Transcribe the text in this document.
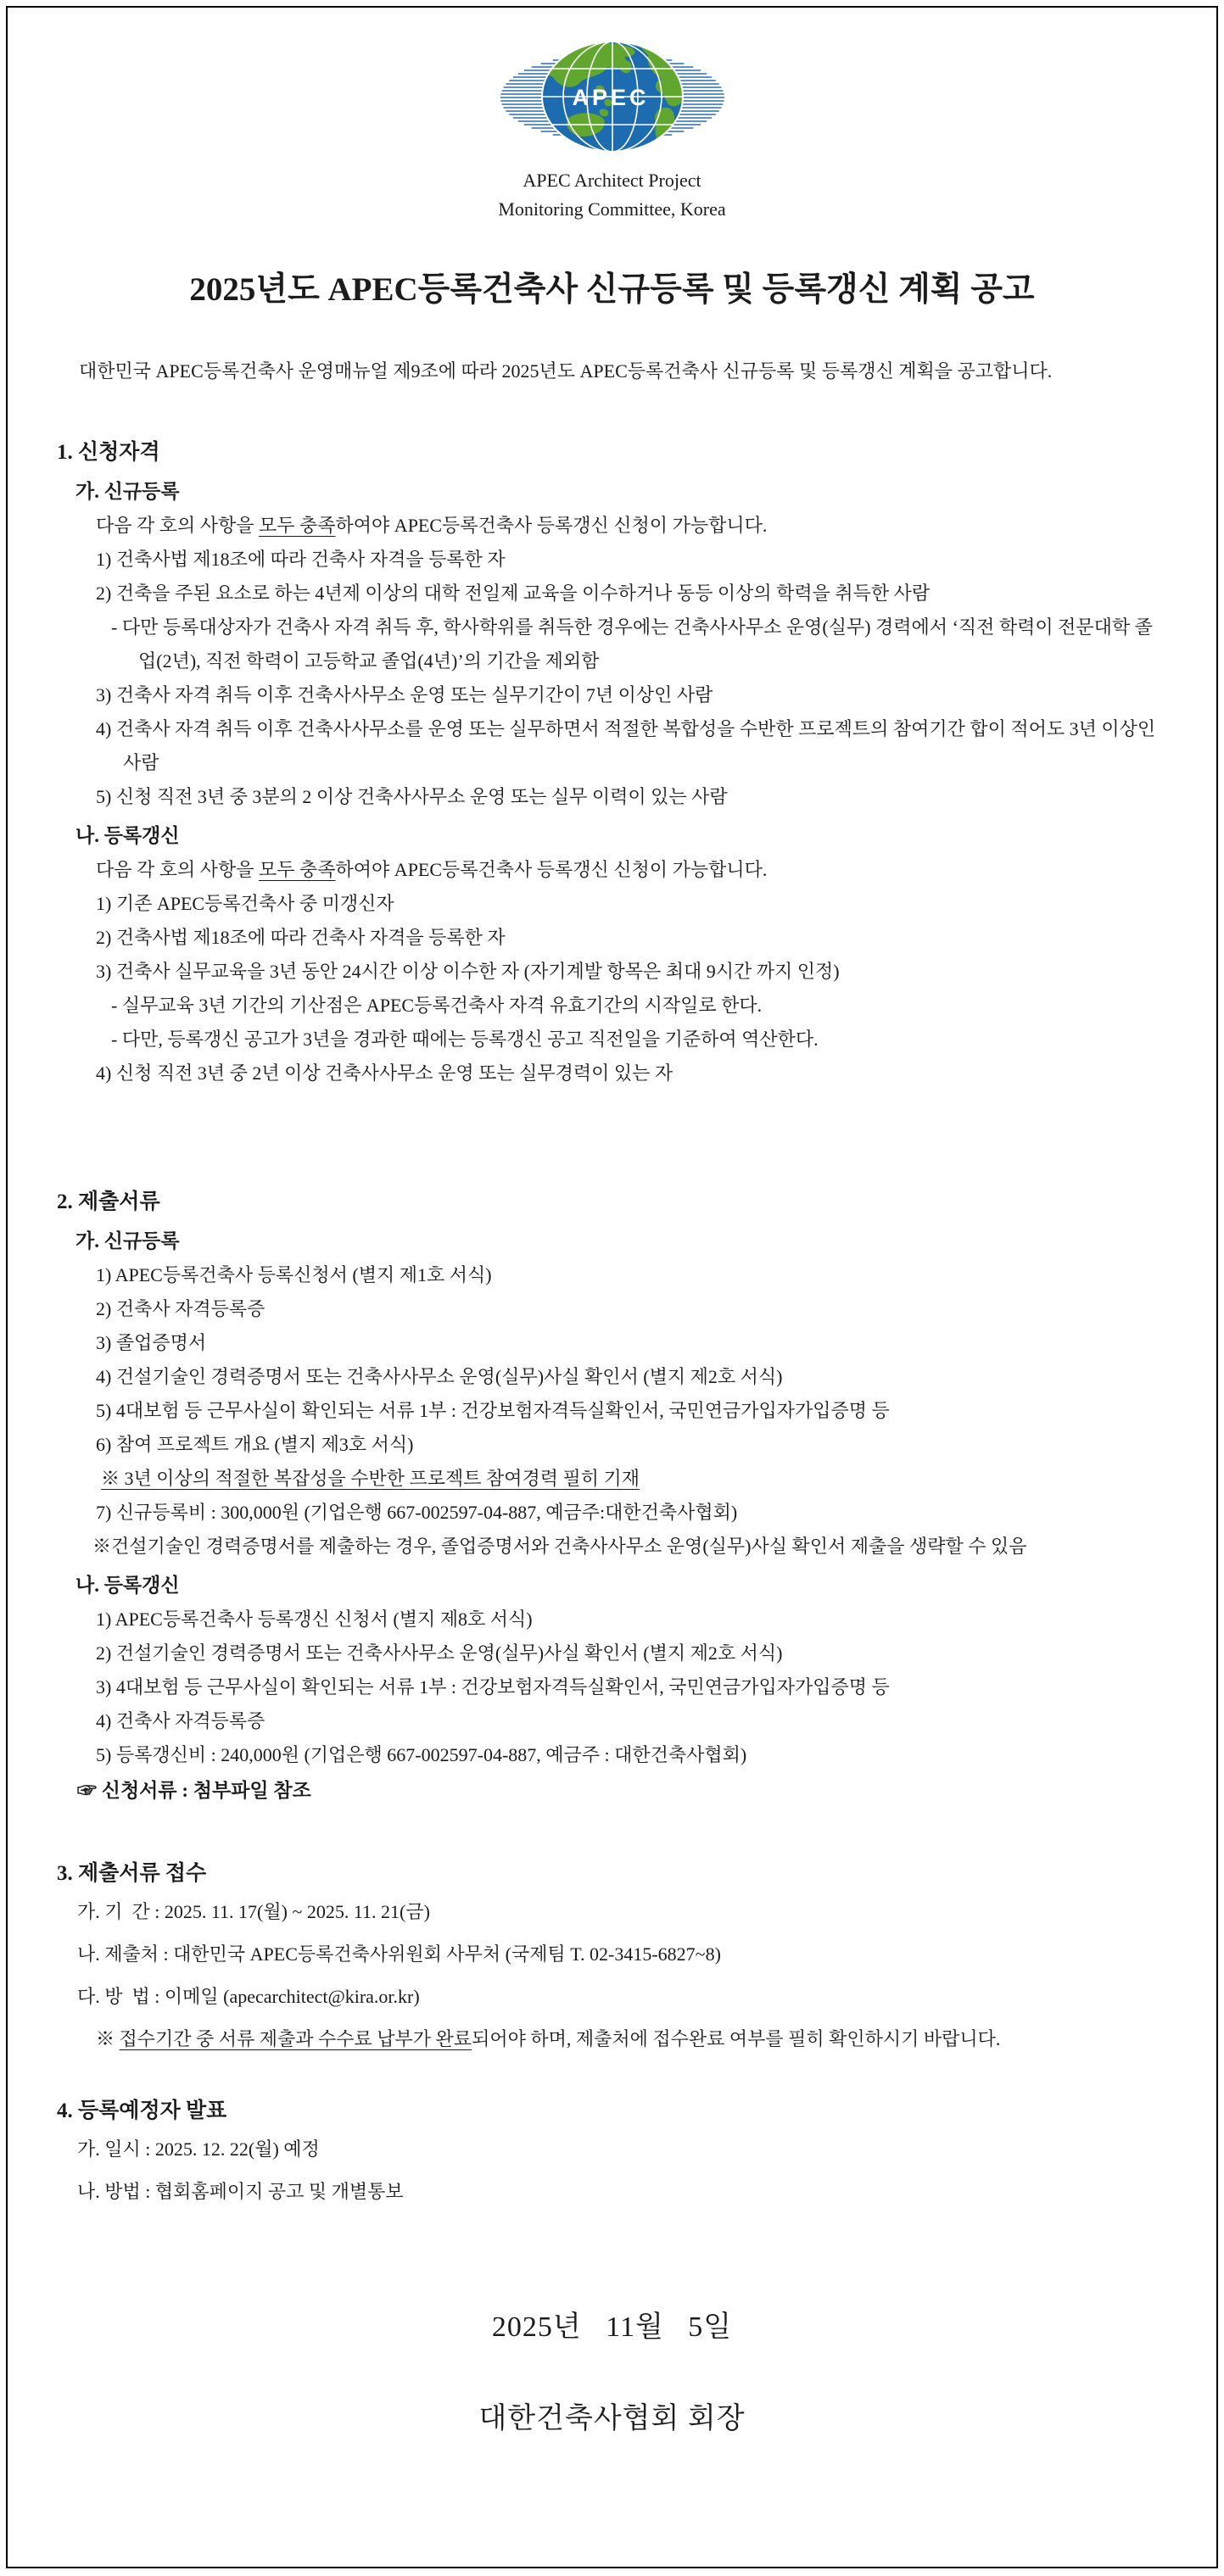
APEC

APEC Architect Project

Monitoring Committee, Korea

2025년도 APEC등록건축사 신규등록 및 등록갱신 계획 공고

대한민국 APEC등록건축사 운영매뉴얼 제9조에 따라 2025년도 APEC등록건축사 신규등록 및 등록갱신 계획을 공고합니다.

1. 신청자격
가. 신규등록

다음 각 호의 사항을 모두 충족하여야 APEC등록건축사 등록갱신 신청이 가능합니다.

1) 건축사법 제18조에 따라 건축사 자격을 등록한 자

2) 건축을 주된 요소로 하는 4년제 이상의 대학 전일제 교육을 이수하거나 동등 이상의 학력을 취득한 사람

- 다만 등록대상자가 건축사 자격 취득 후, 학사학위를 취득한 경우에는 건축사사무소 운영(실무) 경력에서 ‘직전 학력이 전문대학 졸업(2년), 직전 학력이 고등학교 졸업(4년)’의 기간을 제외함

3) 건축사 자격 취득 이후 건축사사무소 운영 또는 실무기간이 7년 이상인 사람

4) 건축사 자격 취득 이후 건축사사무소를 운영 또는 실무하면서 적절한 복합성을 수반한 프로젝트의 참여기간 합이 적어도 3년 이상인 사람

5) 신청 직전 3년 중 3분의 2 이상 건축사사무소 운영 또는 실무 이력이 있는 사람

나. 등록갱신

다음 각 호의 사항을 모두 충족하여야 APEC등록건축사 등록갱신 신청이 가능합니다.

1) 기존 APEC등록건축사 중 미갱신자

2) 건축사법 제18조에 따라 건축사 자격을 등록한 자

3) 건축사 실무교육을 3년 동안 24시간 이상 이수한 자 (자기계발 항목은 최대 9시간 까지 인정)

- 실무교육 3년 기간의 기산점은 APEC등록건축사 자격 유효기간의 시작일로 한다.

- 다만, 등록갱신 공고가 3년을 경과한 때에는 등록갱신 공고 직전일을 기준하여 역산한다.

4) 신청 직전 3년 중 2년 이상 건축사사무소 운영 또는 실무경력이 있는 자

2. 제출서류
가. 신규등록

1) APEC등록건축사 등록신청서 (별지 제1호 서식)

2) 건축사 자격등록증

3) 졸업증명서

4) 건설기술인 경력증명서 또는 건축사사무소 운영(실무)사실 확인서 (별지 제2호 서식)

5) 4대보험 등 근무사실이 확인되는 서류 1부 : 건강보험자격득실확인서, 국민연금가입자가입증명 등

6) 참여 프로젝트 개요 (별지 제3호 서식)

※ 3년 이상의 적절한 복잡성을 수반한 프로젝트 참여경력 필히 기재

7) 신규등록비 : 300,000원 (기업은행 667-002597-04-887, 예금주:대한건축사협회)

※건설기술인 경력증명서를 제출하는 경우, 졸업증명서와 건축사사무소 운영(실무)사실 확인서 제출을 생략할 수 있음

나. 등록갱신

1) APEC등록건축사 등록갱신 신청서 (별지 제8호 서식)

2) 건설기술인 경력증명서 또는 건축사사무소 운영(실무)사실 확인서 (별지 제2호 서식)

3) 4대보험 등 근무사실이 확인되는 서류 1부 : 건강보험자격득실확인서, 국민연금가입자가입증명 등

4) 건축사 자격등록증

5) 등록갱신비 : 240,000원 (기업은행 667-002597-04-887, 예금주 : 대한건축사협회)

☞ 신청서류 : 첨부파일 참조

3. 제출서류 접수

가. 기  간 : 2025. 11. 17(월) ~ 2025. 11. 21(금)

나. 제출처 : 대한민국 APEC등록건축사위원회 사무처 (국제팀 T. 02-3415-6827~8)

다. 방  법 : 이메일 (apecarchitect@kira.or.kr)

※ 접수기간 중 서류 제출과 수수료 납부가 완료되어야 하며, 제출처에 접수완료 여부를 필히 확인하시기 바랍니다.

4. 등록예정자 발표

가. 일시 : 2025. 12. 22(월) 예정

나. 방법 : 협회홈페이지 공고 및 개별통보

2025년   11월   5일

대한건축사협회 회장
